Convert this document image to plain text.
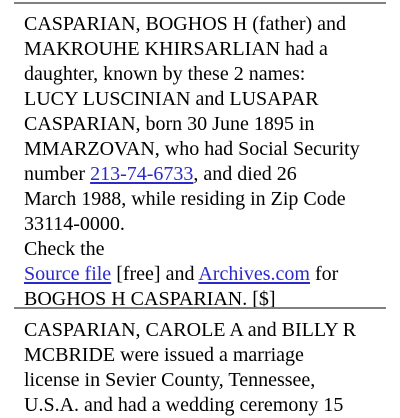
CASPARIAN, BOGHOS H (father) and
MAKROUHE KHIRSARLIAN had a
daughter, known by these 2 names:
LUCY LUSCINIAN and LUSAPAR
CASPARIAN, born 30 June 1895 in
MMARZOVAN, who had Social Security
number 213-74-6733, and died 26
March 1988, while residing in Zip Code
33114-0000.
Check the
Source file [free] and Archives.com for
BOGHOS H CASPARIAN. [$]
CASPARIAN, CAROLE A and BILLY R
MCBRIDE were issued a marriage
license in Sevier County, Tennessee,
U.S.A. and had a wedding ceremony 15
